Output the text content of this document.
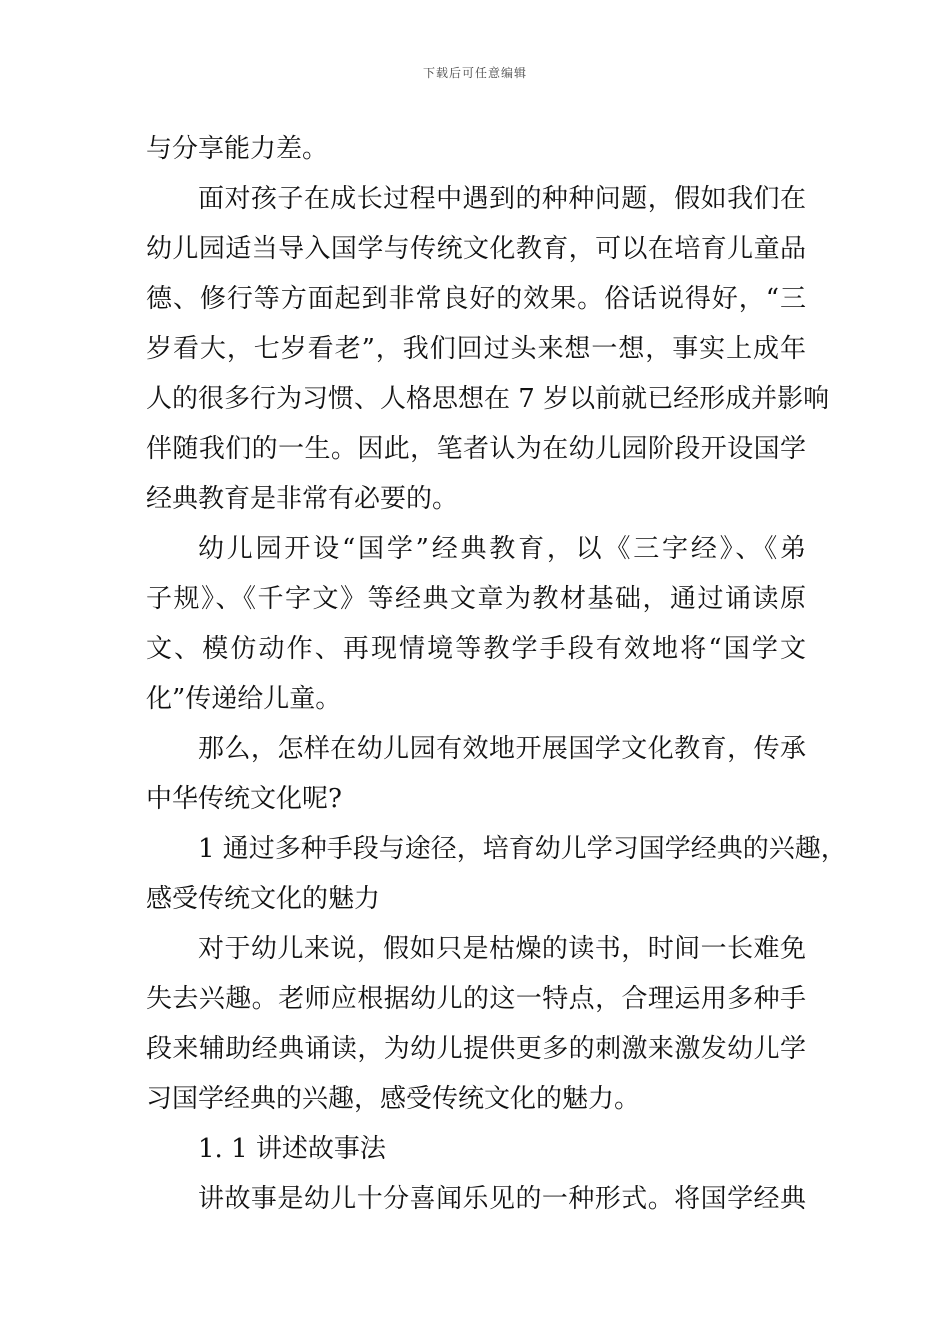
下载后可任意编辑
与分享能力差。
面对孩子在成长过程中遇到的种种问题，假如我们在
幼儿园适当导入国学与传统文化教育，可以在培育儿童品
德、修行等方面起到非常良好的效果。俗话说得好，“三
岁看大，七岁看老”，我们回过头来想一想，事实上成年
人的很多行为习惯、人格思想在 7 岁以前就已经形成并影响
伴随我们的一生。因此，笔者认为在幼儿园阶段开设国学
经典教育是非常有必要的。
幼儿园开设“国学”经典教育，以《三字经》、《弟
子规》、《千字文》等经典文章为教材基础，通过诵读原
文、模仿动作、再现情境等教学手段有效地将“国学文
化”传递给儿童。
那么，怎样在幼儿园有效地开展国学文化教育，传承
中华传统文化呢?
1 通过多种手段与途径，培育幼儿学习国学经典的兴趣，
感受传统文化的魅力
对于幼儿来说，假如只是枯燥的读书，时间一长难免
失去兴趣。老师应根据幼儿的这一特点，合理运用多种手
段来辅助经典诵读，为幼儿提供更多的刺激来激发幼儿学
习国学经典的兴趣，感受传统文化的魅力。
1. 1 讲述故事法
讲故事是幼儿十分喜闻乐见的一种形式。将国学经典
